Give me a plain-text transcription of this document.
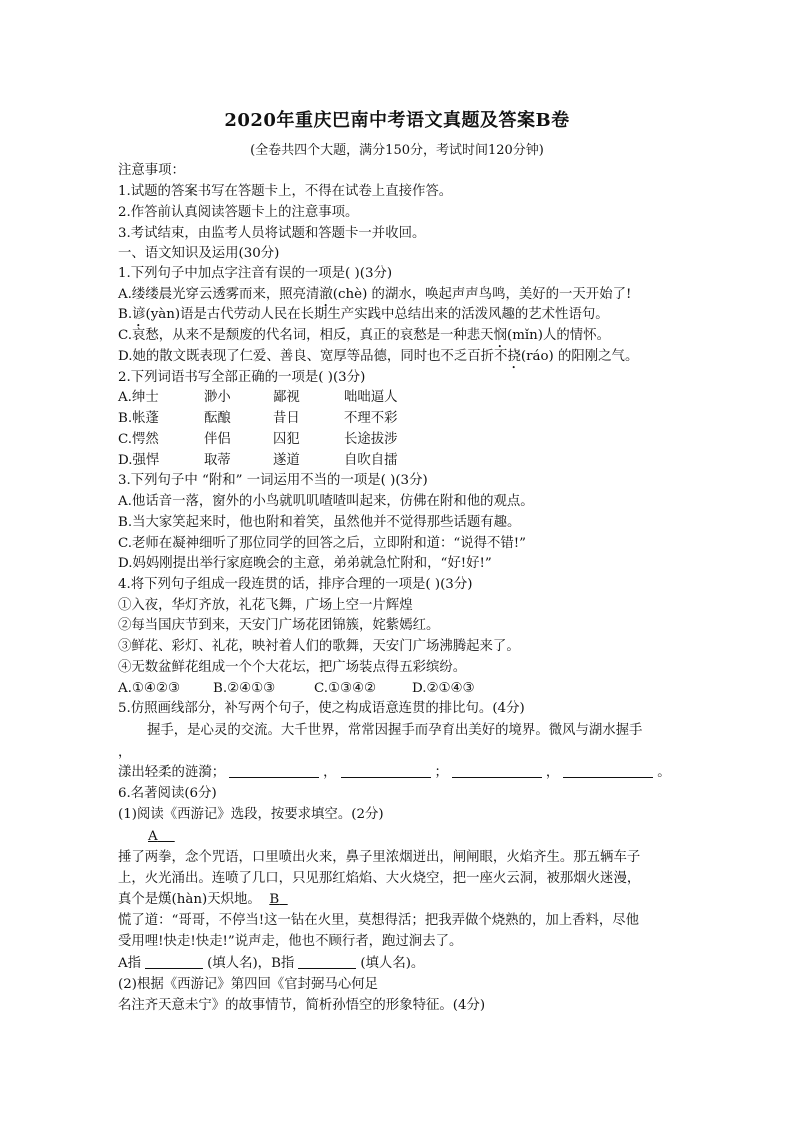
2020年重庆巴南中考语文真题及答案B卷
(全卷共四个大题，满分150分，考试时间120分钟)
注意事项：
1.试题的答案书写在答题卡上，不得在试卷上直接作答。
2.作答前认真阅读答题卡上的注意事项。
3.考试结束，由监考人员将试题和答题卡一并收回。
一、语文知识及运用(30分)
1.下列句子中加点字注音有误的一项是( )(3分)
A.缕缕晨光穿云透雾而来，照亮清澈(chè) 的湖水，唤起声声鸟鸣，美好的一天开始了!
B.谚(yàn)语是古代劳动人民在长期生产实践中总结出来的活泼风趣的艺术性语句。
C.哀愁，从来不是颓废的代名词，相反，真正的哀愁是一种悲天悯(mǐn)人的情怀。
D.她的散文既表现了仁爱、善良、宽厚等品德，同时也不乏百折不挠(ráo) 的阳刚之气。
2.下列词语书写全部正确的一项是( )(3分)
A.绅士	渺小	鄙视	咄咄逼人
B.帐蓬	酝酿	昔日	不理不彩
C.愕然	伴侣	囚犯	长途拔涉
D.强悍	取蒂	遂道	自吹自擂
3.下列句子中 “附和” 一词运用不当的一项是( )(3分)
A.他话音一落，窗外的小鸟就叽叽喳喳叫起来，仿佛在附和他的观点。
B.当大家笑起来时，他也附和着笑，虽然他并不觉得那些话题有趣。
C.老师在凝神细听了那位同学的回答之后，立即附和道：“说得不错!”
D.妈妈刚提出举行家庭晚会的主意，弟弟就急忙附和，“好!好!”
4.将下列句子组成一段连贯的话，排序合理的一项是( )(3分)
①入夜，华灯齐放，礼花飞舞，广场上空一片辉煌
②每当国庆节到来，天安门广场花团锦簇，姹紫嫣红。
③鲜花、彩灯、礼花，映衬着人们的歌舞，天安门广场沸腾起来了。
④无数盆鲜花组成一个个大花坛，把广场装点得五彩缤纷。
A.①④②③ B.②④①③	C.①③④②	D.②①④③
5.仿照画线部分，补写两个句子，使之构成语意连贯的排比句。(4分)
握手，是心灵的交流。大千世界，常常因握手而孕育出美好的境界。微风与湖水握手
，
漾出轻柔的涟漪；	，	；	，	。
6.名著阅读(6分)
(1)阅读《西游记》选段，按要求填空。(2分)
A
捶了两拳，念个咒语，口里喷出火来，鼻子里浓烟迸出，闸闸眼，火焰齐生。那五辆车子
上，火光涌出。连喷了几口，只见那红焰焰、大火烧空，把一座火云洞，被那烟火迷漫，
真个是熯(hàn)天炽地。 B
慌了道：“哥哥，不停当!这一钻在火里，莫想得活；把我弄做个烧熟的，加上香料，尽他
受用哩!快走!快走!”说声走，他也不顾行者，跑过涧去了。
A指	(填人名)，B指	(填人名)。
(2)根据《西游记》第四回《官封弼马心何足
名注齐天意未宁》的故事情节，简析孙悟空的形象特征。(4分)
